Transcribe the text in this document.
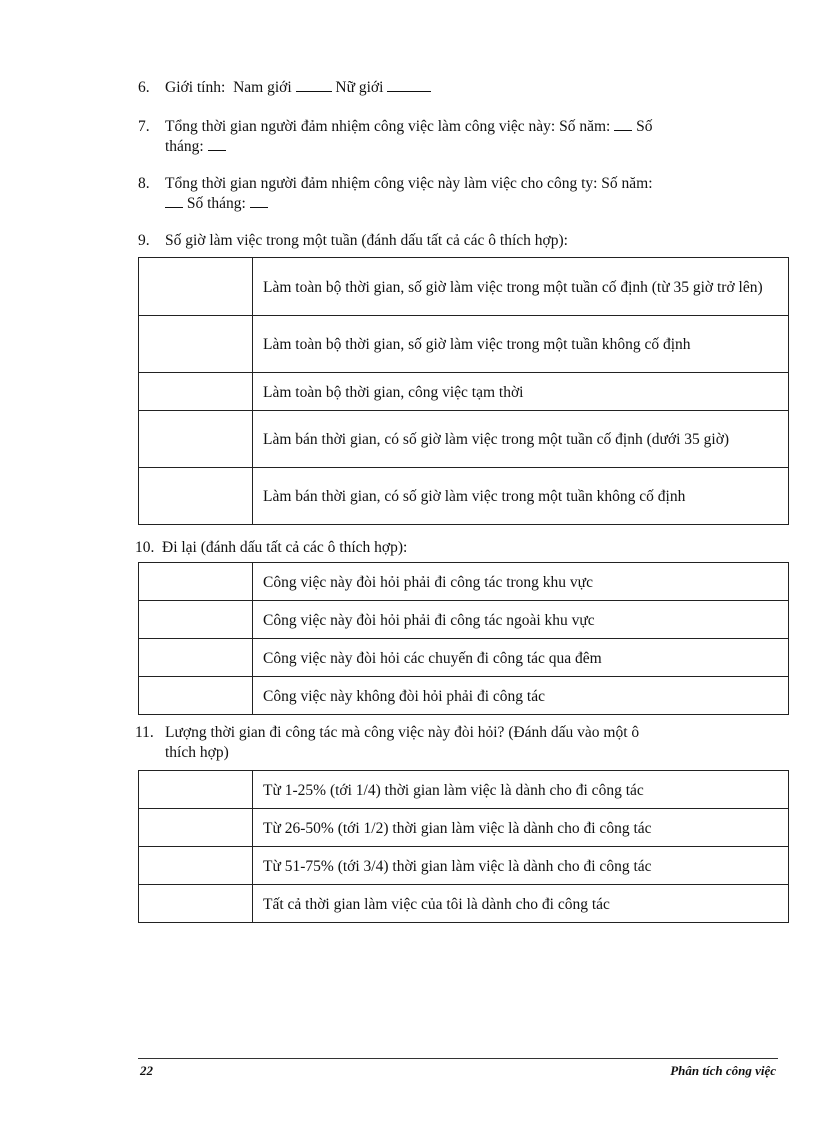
6. Giới tính: Nam giới	Nữ giới
7. Tổng thời gian người đảm nhiệm công việc làm công việc này: Số năm: Số
tháng:
8. Tổng thời gian người đảm nhiệm công việc này làm việc cho công ty: Số năm:
Số tháng:
9. Số giờ làm việc trong một tuần (đánh dấu tất cả các ô thích hợp):
	Làm toàn bộ thời gian, số giờ làm việc trong một tuần cố định (từ 35 giờ trở lên)
	Làm toàn bộ thời gian, số giờ làm việc trong một tuần không cố định
	Làm toàn bộ thời gian, công việc tạm thời
	Làm bán thời gian, có số giờ làm việc trong một tuần cố định (dưới 35 giờ)
	Làm bán thời gian, có số giờ làm việc trong một tuần không cố định
10. Đi lại (đánh dấu tất cả các ô thích hợp):
	Công việc này đòi hỏi phải đi công tác trong khu vực
	Công việc này đòi hỏi phải đi công tác ngoài khu vực
	Công việc này đòi hỏi các chuyến đi công tác qua đêm
	Công việc này không đòi hỏi phải đi công tác
11. Lượng thời gian đi công tác mà công việc này đòi hỏi? (Đánh dấu vào một ô
thích hợp)
	Từ 1-25% (tới 1/4) thời gian làm việc là dành cho đi công tác
	Từ 26-50% (tới 1/2) thời gian làm việc là dành cho đi công tác
	Từ 51-75% (tới 3/4) thời gian làm việc là dành cho đi công tác
	Tất cả thời gian làm việc của tôi là dành cho đi công tác
22	Phân tích công việc
